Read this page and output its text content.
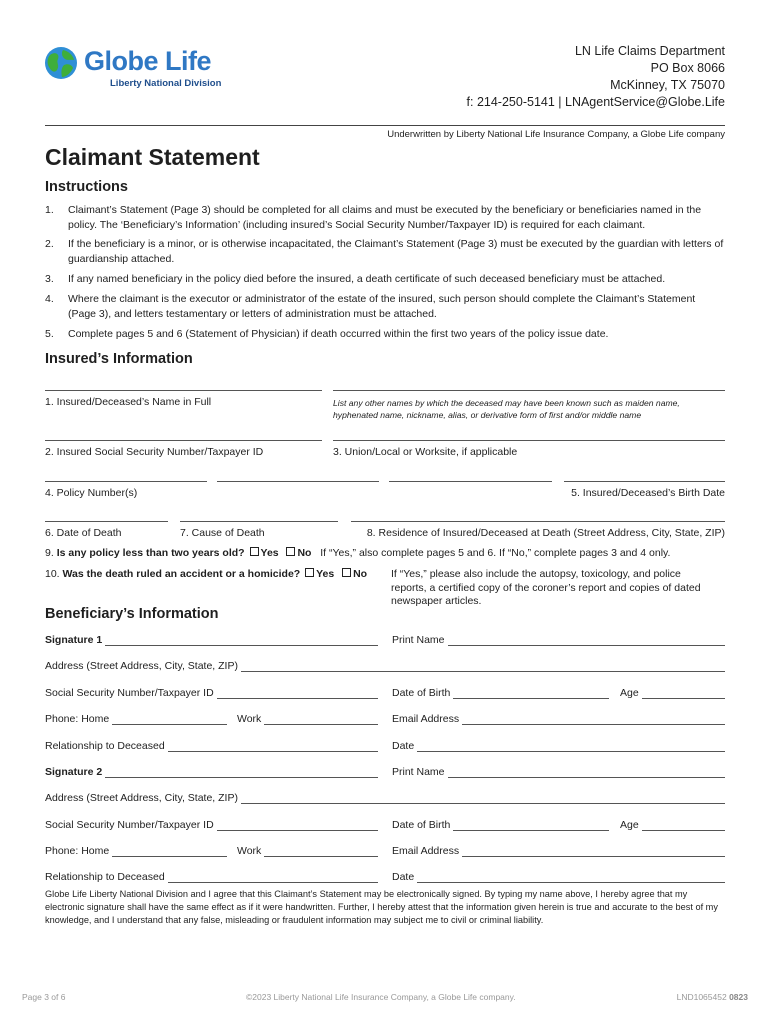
Globe Life
Liberty National Division
LN Life Claims Department
PO Box 8066
McKinney, TX 75070
f: 214-250-5141 | LNAgentService@Globe.Life
Underwritten by Liberty National Life Insurance Company, a Globe Life company
Claimant Statement
Instructions
1. Claimant’s Statement (Page 3) should be completed for all claims and must be executed by the beneficiary or beneficiaries named in the policy. The ‘Beneficiary’s Information’ (including insured’s Social Security Number/Taxpayer ID) is required for each claimant.
2. If the beneficiary is a minor, or is otherwise incapacitated, the Claimant’s Statement (Page 3) must be executed by the guardian with letters of guardianship attached.
3. If any named beneficiary in the policy died before the insured, a death certificate of such deceased beneficiary must be attached.
4. Where the claimant is the executor or administrator of the estate of the insured, such person should complete the Claimant’s Statement (Page 3), and letters testamentary or letters of administration must be attached.
5. Complete pages 5 and 6 (Statement of Physician) if death occurred within the first two years of the policy issue date.
Insured’s Information
1. Insured/Deceased’s Name in Full	List any other names by which the deceased may have been known such as maiden name, hyphenated name, nickname, alias, or derivative form of first and/or middle name
2. Insured Social Security Number/Taxpayer ID	3. Union/Local or Worksite, if applicable
4. Policy Number(s)	5. Insured/Deceased’s Birth Date
6. Date of Death	7. Cause of Death	8. Residence of Insured/Deceased at Death (Street Address, City, State, ZIP)
9. Is any policy less than two years old? Yes No If “Yes,” also complete pages 5 and 6. If “No,” complete pages 3 and 4 only.
10. Was the death ruled an accident or a homicide? Yes No If “Yes,” please also include the autopsy, toxicology, and police reports, a certified copy of the coroner’s report and copies of dated newspaper articles.
Beneficiary’s Information
Signature 1	Print Name
Address (Street Address, City, State, ZIP)
Social Security Number/Taxpayer ID	Date of Birth	Age
Phone: Home	Work	Email Address
Relationship to Deceased	Date
Signature 2	Print Name
Address (Street Address, City, State, ZIP)
Social Security Number/Taxpayer ID	Date of Birth	Age
Phone: Home	Work	Email Address
Relationship to Deceased	Date
Globe Life Liberty National Division and I agree that this Claimant’s Statement may be electronically signed. By typing my name above, I hereby agree that my electronic signature shall have the same effect as if it were handwritten. Further, I hereby attest that the information given herein is true and accurate to the best of my knowledge, and I understand that any false, misleading or fraudulent information may subject me to civil or criminal liability.
Page 3 of 6	©2023 Liberty National Life Insurance Company, a Globe Life company.	LND1065452 0823
